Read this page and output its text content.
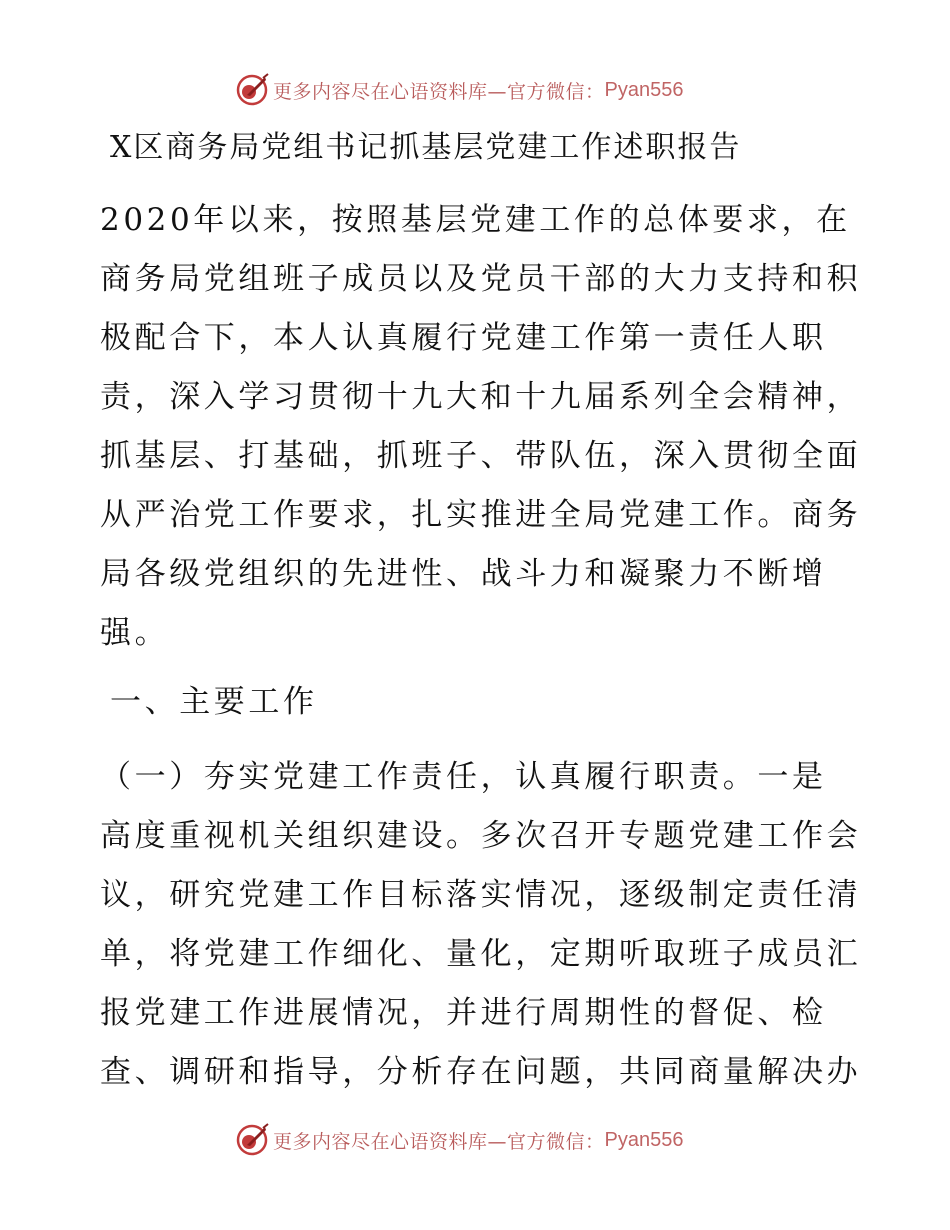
更多内容尽在心语资料库—官方微信： Pyan556
X区商务局党组书记抓基层党建工作述职报告

2020年以来，按照基层党建工作的总体要求，在
商务局党组班子成员以及党员干部的大力支持和积
极配合下，本人认真履行党建工作第一责任人职
责，深入学习贯彻十九大和十九届系列全会精神，
抓基层、打基础，抓班子、带队伍，深入贯彻全面
从严治党工作要求，扎实推进全局党建工作。商务
局各级党组织的先进性、战斗力和凝聚力不断增
强。

一、主要工作

（一）夯实党建工作责任，认真履行职责。一是
高度重视机关组织建设。多次召开专题党建工作会
议，研究党建工作目标落实情况，逐级制定责任清
单，将党建工作细化、量化，定期听取班子成员汇
报党建工作进展情况，并进行周期性的督促、检
查、调研和指导，分析存在问题，共同商量解决办

更多内容尽在心语资料库—官方微信： Pyan556
